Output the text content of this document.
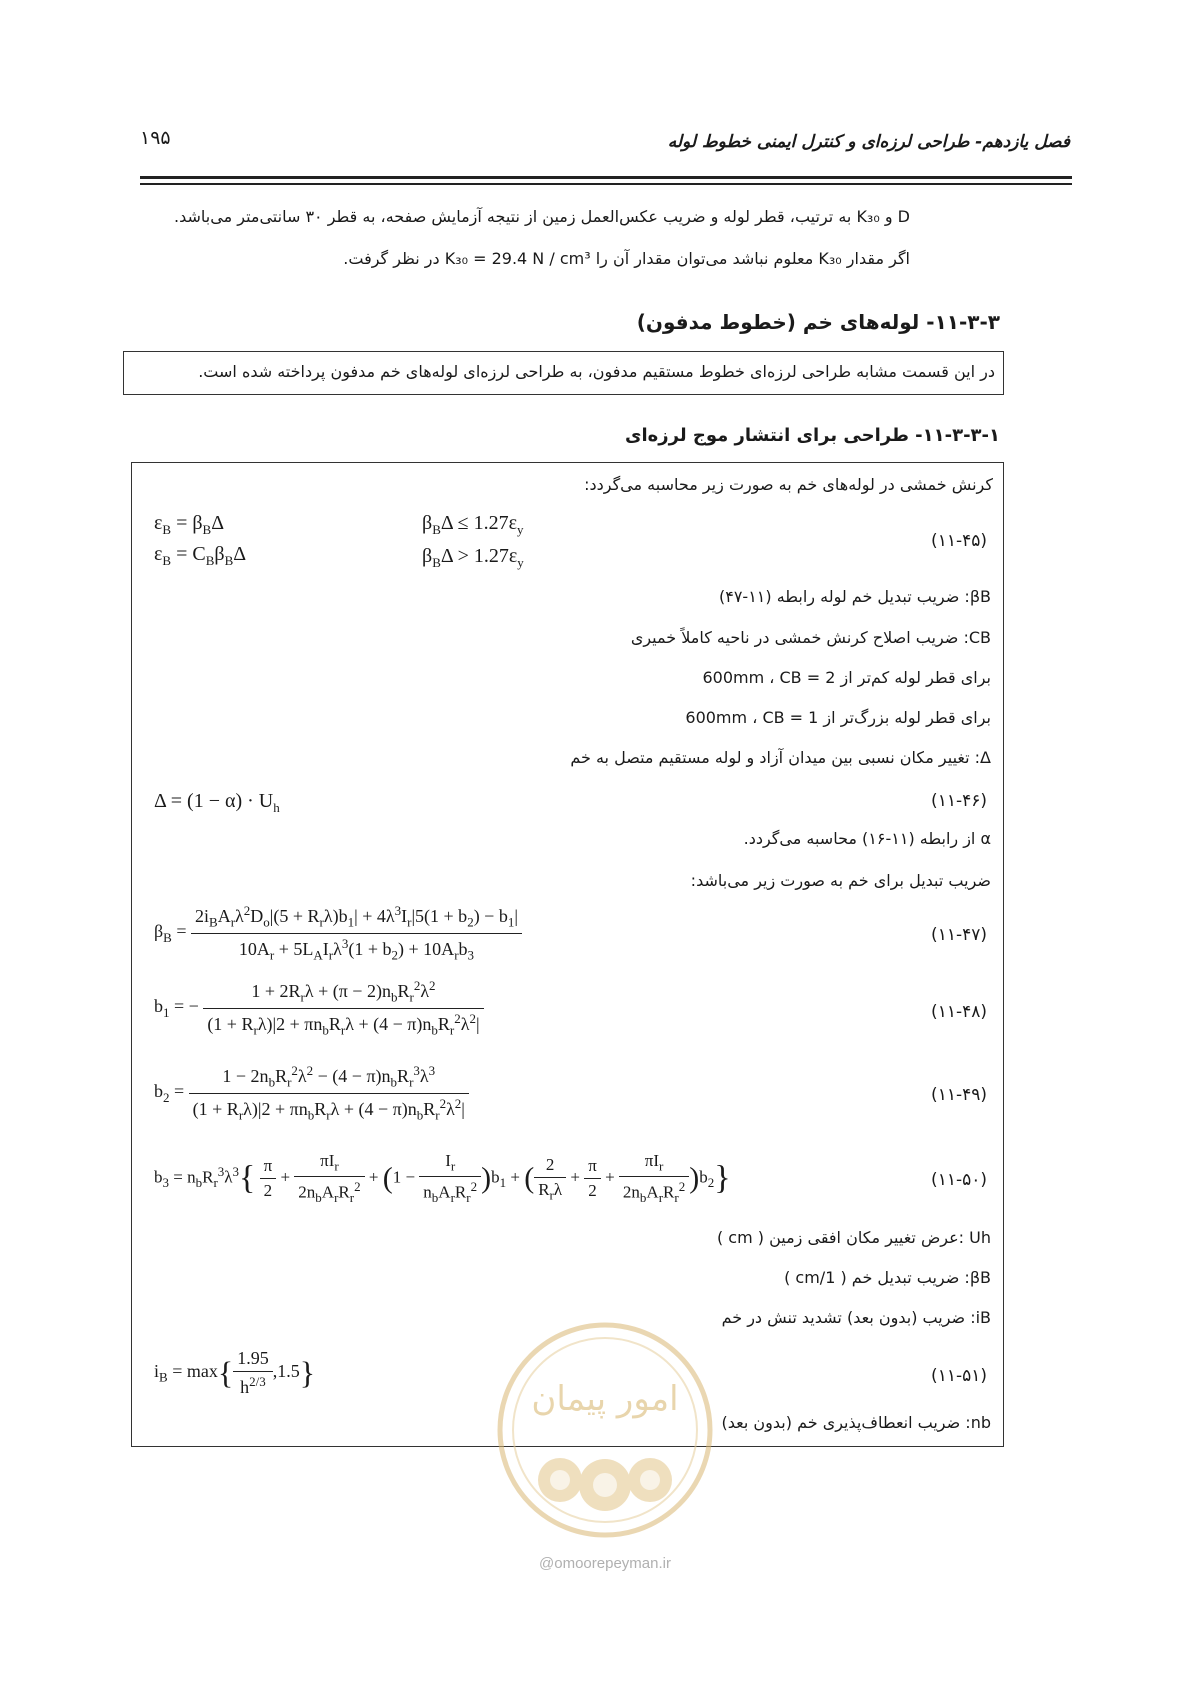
۱۹۵	فصل یازدهم- طراحی لرزه‌ای و کنترل ایمنی خطوط لوله
D و K₃₀ به ترتیب، قطر لوله و ضریب عکس‌العمل زمین از نتیجه آزمایش صفحه، به قطر ۳۰ سانتی‌متر می‌باشد.
اگر مقدار K₃₀ معلوم نباشد می‌توان مقدار آن را K₃₀ = 29.4 N / cm³ در نظر گرفت.
۱۱-۳-۳- لوله‌های خم (خطوط مدفون)
در این قسمت مشابه طراحی لرزه‌ای خطوط مستقیم مدفون، به طراحی لرزه‌ای لوله‌های خم مدفون پرداخته شده است.
۱۱-۳-۳-۱- طراحی برای انتشار موج لرزه‌ای
کرنش خمشی در لوله‌های خم به صورت زیر محاسبه می‌گردد:
$\varepsilon_B = \beta_B\Delta$
$\varepsilon_B = C_B\beta_B\Delta$
$\beta_B\Delta \le 1.27\varepsilon_y$
$\beta_B\Delta > 1.27\varepsilon_y$
(۱۱-۴۵)
βB: ضریب تبدیل خم لوله رابطه (۱۱-۴۷)
CB: ضریب اصلاح کرنش خمشی در ناحیه کاملاً خمیری
برای قطر لوله کم‌تر از 600mm ، CB = 2
برای قطر لوله بزرگ‌تر از 600mm ، CB = 1
Δ: تغییر مکان نسبی بین میدان آزاد و لوله مستقیم متصل به خم
$\Delta = (1 - \alpha) \cdot U_h$	(۱۱-۴۶)
α از رابطه (۱۱-۱۶) محاسبه می‌گردد.
ضریب تبدیل برای خم به صورت زیر می‌باشد:
$\beta_B = \frac{2i_BA_r\lambda^2D_o|(5 + R_r\lambda)b_1| + 4\lambda^3I_r|5(1 + b_2) - b_1|}{10A_r + 5L_AI_r\lambda^3(1 + b_2) + 10A_rb_3}$	(۱۱-۴۷)
$b_1$ = − $\frac{1 + 2R_r\lambda + (\pi - 2)n_bR_r^2\lambda^2}{(1 + R_r\lambda)|2 + \pi n_bR_r\lambda + (4 - \pi)n_bR_r^2\lambda^2|}$	(۱۱-۴۸)
$b_2 = \frac{1 - 2n_bR_r^2\lambda^2 - (4 - \pi)n_bR_r^3\lambda^3}{(1 + R_r\lambda)|2 + \pi n_bR_r\lambda + (4 - \pi)n_bR_r^2\lambda^2|}$	(۱۱-۴۹)
$b_3 = n_bR_r^3\lambda^3\{ \frac{\pi}{2} + \frac{\pi I_r}{2n_bA_rR_r^2} + (1 - \frac{I_r}{n_bA_rR_r^2} )b_1$ + ( $\frac{2}{R_r\lambda} + \frac{\pi}{2} + \frac{\pi I_r}{2n_bA_rR_r^2} )b_2$}	(۱۱-۵۰)
Uh :عرض تغییر مکان افقی زمین ( cm )
βB: ضریب تبدیل خم ( 1/cm )
iB: ضریب (بدون بعد) تشدید تنش در خم
$i_B = \max\{ \frac{1.95}{h^{2/3}} ,1.5\}$	(۱۱-۵۱)
nb: ضریب انعطاف‌پذیری خم (بدون بعد)
امور پیمان
@omoorepeyman.ir
